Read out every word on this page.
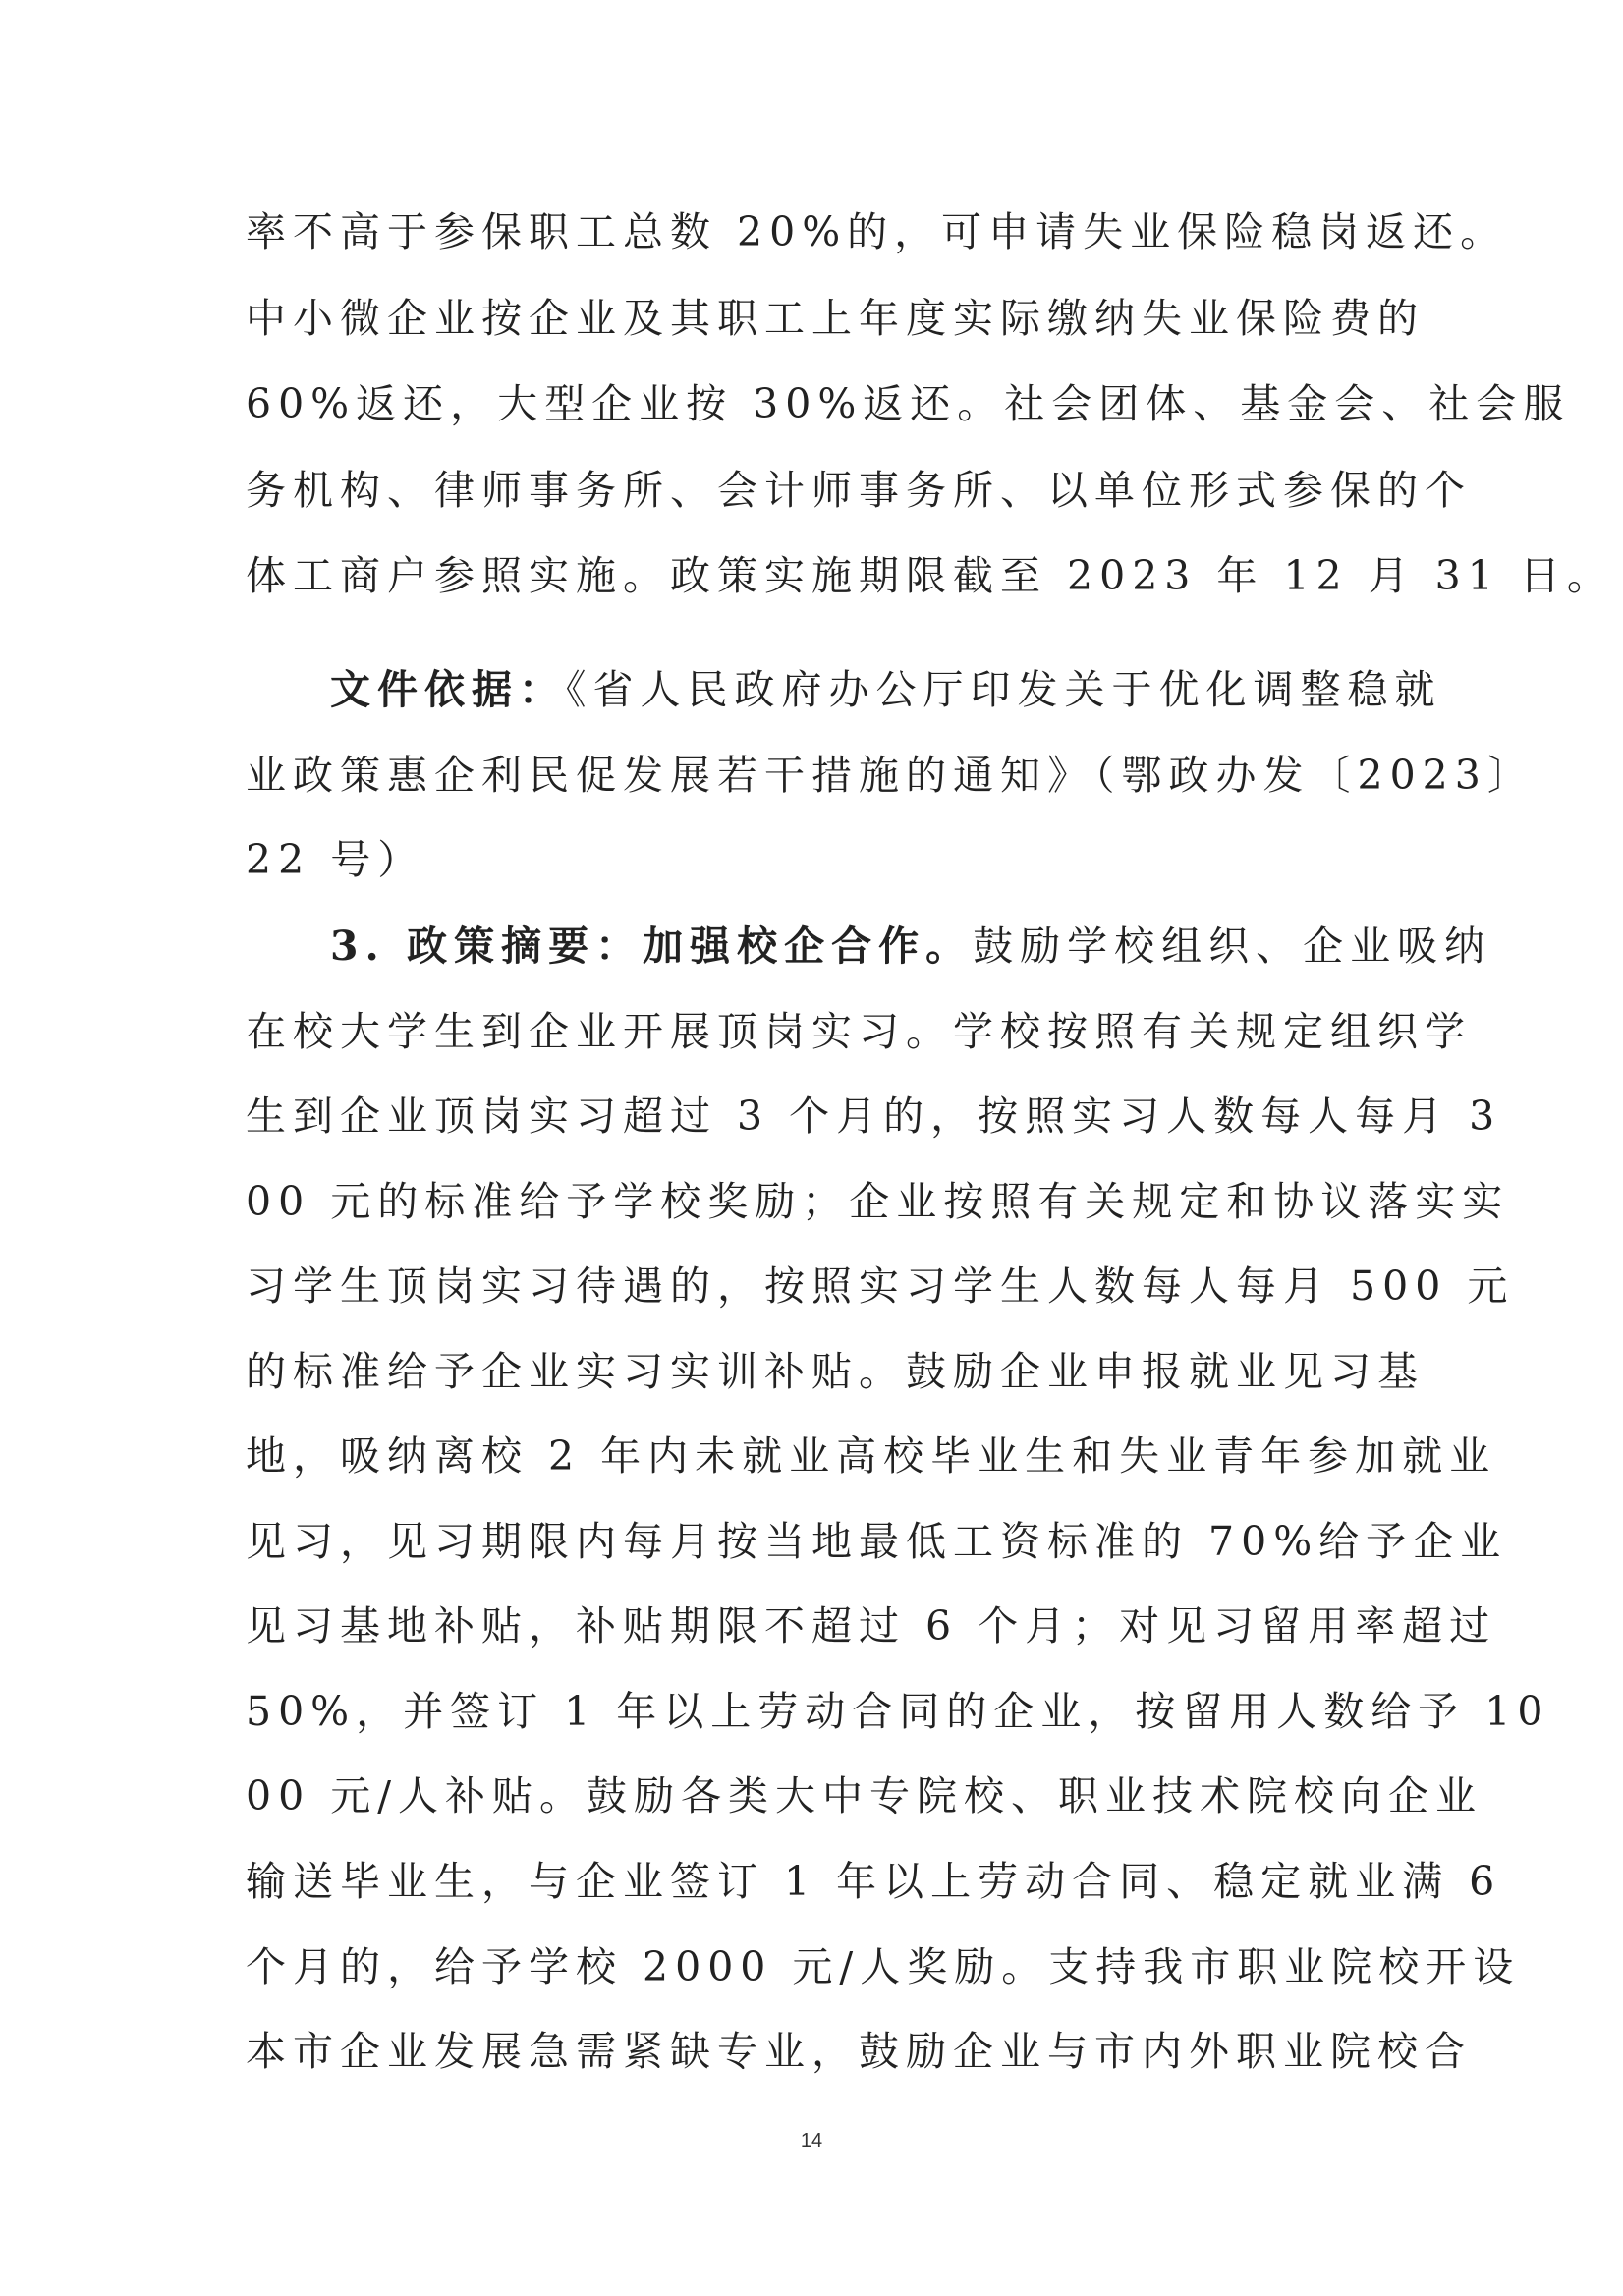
率不高于参保职工总数 20%的，可申请失业保险稳岗返还。
中小微企业按企业及其职工上年度实际缴纳失业保险费的
60%返还，大型企业按 30%返还。社会团体、基金会、社会服
务机构、律师事务所、会计师事务所、以单位形式参保的个
体工商户参照实施。政策实施期限截至 2023 年 12 月 31 日。
文件依据：《省人民政府办公厅印发关于优化调整稳就
业政策惠企利民促发展若干措施的通知》（鄂政办发〔2023〕
22 号）
3. 政策摘要：加强校企合作。鼓励学校组织、企业吸纳
在校大学生到企业开展顶岗实习。学校按照有关规定组织学
生到企业顶岗实习超过 3 个月的，按照实习人数每人每月 3
00 元的标准给予学校奖励；企业按照有关规定和协议落实实
习学生顶岗实习待遇的，按照实习学生人数每人每月 500 元
的标准给予企业实习实训补贴。鼓励企业申报就业见习基
地，吸纳离校 2 年内未就业高校毕业生和失业青年参加就业
见习，见习期限内每月按当地最低工资标准的 70%给予企业
见习基地补贴，补贴期限不超过 6 个月；对见习留用率超过
50%，并签订 1 年以上劳动合同的企业，按留用人数给予 10
00 元/人补贴。鼓励各类大中专院校、职业技术院校向企业
输送毕业生，与企业签订 1 年以上劳动合同、稳定就业满 6
个月的，给予学校 2000 元/人奖励。支持我市职业院校开设
本市企业发展急需紧缺专业，鼓励企业与市内外职业院校合
14
